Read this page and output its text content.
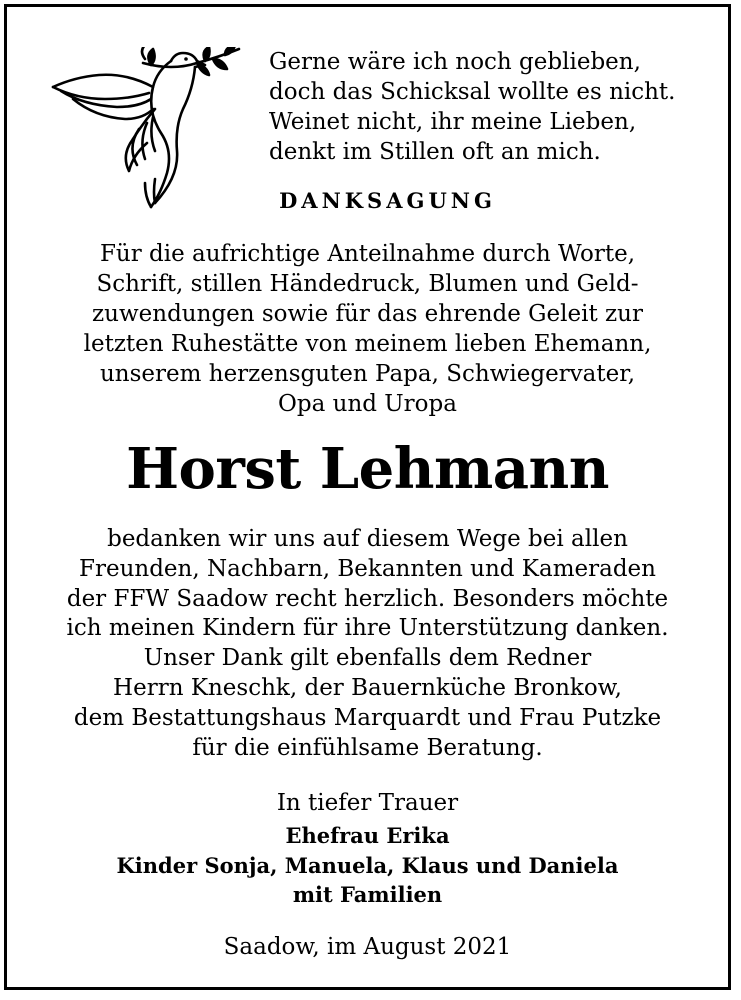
Gerne wäre ich noch geblieben,
doch das Schicksal wollte es nicht.
Weinet nicht, ihr meine Lieben,
denkt im Stillen oft an mich.
DANKSAGUNG
Für die aufrichtige Anteilnahme durch Worte,
Schrift, stillen Händedruck, Blumen und Geld-
zuwendungen sowie für das ehrende Geleit zur
letzten Ruhestätte von meinem lieben Ehemann,
unserem herzensguten Papa, Schwiegervater,
Opa und Uropa
Horst Lehmann
bedanken wir uns auf diesem Wege bei allen
Freunden, Nachbarn, Bekannten und Kameraden
der FFW Saadow recht herzlich. Besonders möchte
ich meinen Kindern für ihre Unterstützung danken.
Unser Dank gilt ebenfalls dem Redner
Herrn Kneschk, der Bauernküche Bronkow,
dem Bestattungshaus Marquardt und Frau Putzke
für die einfühlsame Beratung.
In tiefer Trauer
Ehefrau Erika
Kinder Sonja, Manuela, Klaus und Daniela
mit Familien
Saadow, im August 2021
